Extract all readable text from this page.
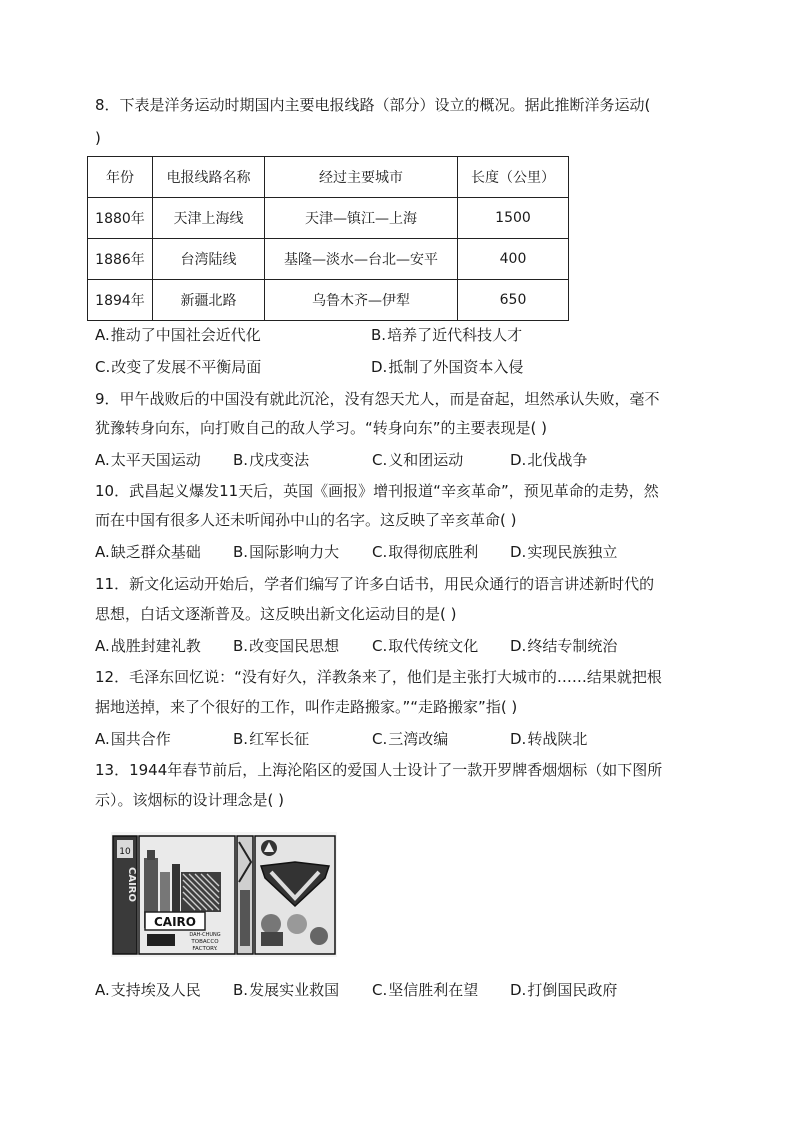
8．下表是洋务运动时期国内主要电报线路（部分）设立的概况。据此推断洋务运动(
)
年份	电报线路名称	经过主要城市	长度（公里）
1880年	天津上海线	天津—镇江—上海	1500
1886年	台湾陆线	基隆—淡水—台北—安平	400
1894年	新疆北路	乌鲁木齐—伊犁	650
A.推动了中国社会近代化	B.培养了近代科技人才
C.改变了发展不平衡局面	D.抵制了外国资本入侵
9．甲午战败后的中国没有就此沉沦，没有怨天尤人，而是奋起，坦然承认失败，毫不
犹豫转身向东，向打败自己的敌人学习。“转身向东”的主要表现是( )
A.太平天国运动 B.戊戌变法	C.义和团运动	D.北伐战争
10．武昌起义爆发11天后，英国《画报》增刊报道“辛亥革命”，预见革命的走势，然
而在中国有很多人还未听闻孙中山的名字。这反映了辛亥革命( )
A.缺乏群众基础 B.国际影响力大 C.取得彻底胜利 D.实现民族独立
11．新文化运动开始后，学者们编写了许多白话书，用民众通行的语言讲述新时代的
思想，白话文逐渐普及。这反映出新文化运动目的是( )
A.战胜封建礼教 B.改变国民思想 C.取代传统文化 D.终结专制统治
12．毛泽东回忆说：“没有好久，洋教条来了，他们是主张打大城市的……结果就把根
据地送掉，来了个很好的工作，叫作走路搬家。”“走路搬家”指( )
A.国共合作	B.红军长征	C.三湾改编	D.转战陕北
13．1944年春节前后，上海沦陷区的爱国人士设计了一款开罗牌香烟烟标（如下图所
示）。该烟标的设计理念是( )
10
CAIRO
CAIRO
DAH-CHUNG
TOBACCO
FACTORY.
A.支持埃及人民 B.发展实业救国 C.坚信胜利在望 D.打倒国民政府
